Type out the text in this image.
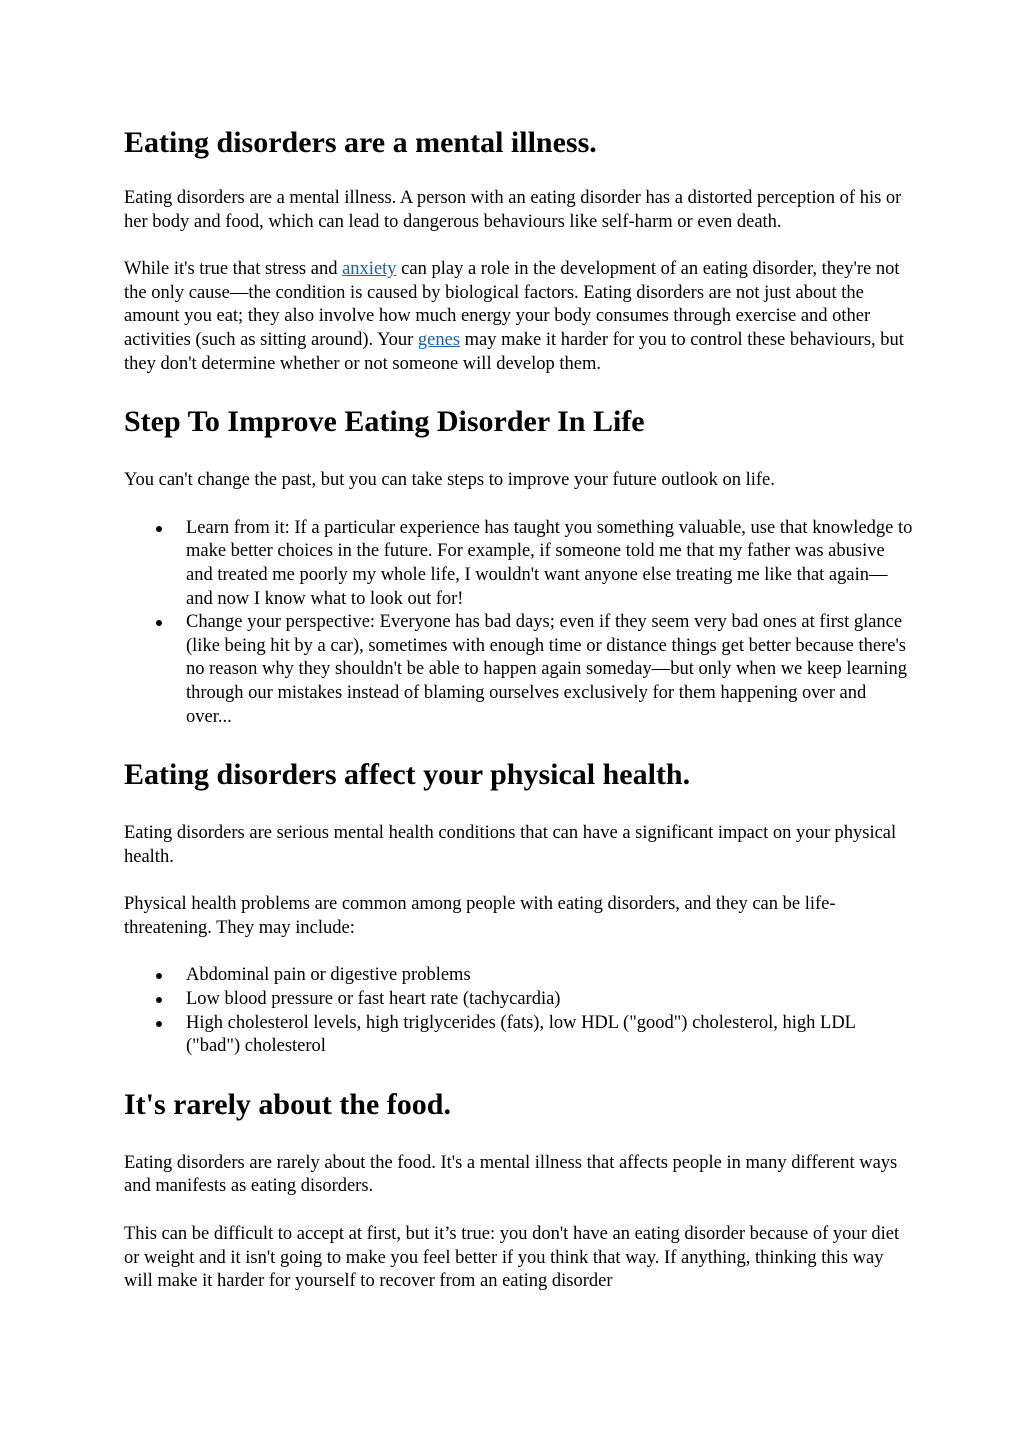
Eating disorders are a mental illness.

Eating disorders are a mental illness. A person with an eating disorder has a distorted perception of his or her body and food, which can lead to dangerous behaviours like self-harm or even death.

While it's true that stress and anxiety can play a role in the development of an eating disorder, they're not the only cause—the condition is caused by biological factors. Eating disorders are not just about the amount you eat; they also involve how much energy your body consumes through exercise and other activities (such as sitting around). Your genes may make it harder for you to control these behaviours, but they don't determine whether or not someone will develop them.

Step To Improve Eating Disorder In Life

You can't change the past, but you can take steps to improve your future outlook on life.

Learn from it: If a particular experience has taught you something valuable, use that knowledge to make better choices in the future. For example, if someone told me that my father was abusive and treated me poorly my whole life, I wouldn't want anyone else treating me like that again—and now I know what to look out for!
Change your perspective: Everyone has bad days; even if they seem very bad ones at first glance (like being hit by a car), sometimes with enough time or distance things get better because there's no reason why they shouldn't be able to happen again someday—but only when we keep learning through our mistakes instead of blaming ourselves exclusively for them happening over and over...
Eating disorders affect your physical health.

Eating disorders are serious mental health conditions that can have a significant impact on your physical health.

Physical health problems are common among people with eating disorders, and they can be life-threatening. They may include:

Abdominal pain or digestive problems
Low blood pressure or fast heart rate (tachycardia)
High cholesterol levels, high triglycerides (fats), low HDL ("good") cholesterol, high LDL ("bad") cholesterol
It's rarely about the food.

Eating disorders are rarely about the food. It's a mental illness that affects people in many different ways and manifests as eating disorders.

This can be difficult to accept at first, but it’s true: you don't have an eating disorder because of your diet or weight and it isn't going to make you feel better if you think that way. If anything, thinking this way will make it harder for yourself to recover from an eating disorder
